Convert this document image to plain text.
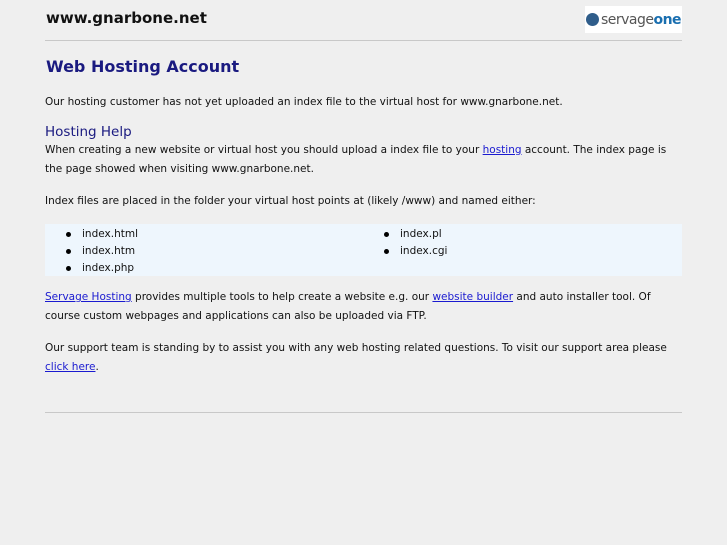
www.gnarbone.net	servage one
Web Hosting Account

Our hosting customer has not yet uploaded an index file to the virtual host for www.gnarbone.net.

Hosting Help

When creating a new website or virtual host you should upload a index file to your hosting account. The index page is the page showed when visiting www.gnarbone.net.

Index files are placed in the folder your virtual host points at (likely /www) and named either:

index.html
index.htm
index.php
index.pl
index.cgi

Servage Hosting provides multiple tools to help create a website e.g. our website builder and auto installer tool. Of course custom webpages and applications can also be uploaded via FTP.

Our support team is standing by to assist you with any web hosting related questions. To visit our support area please click here.
